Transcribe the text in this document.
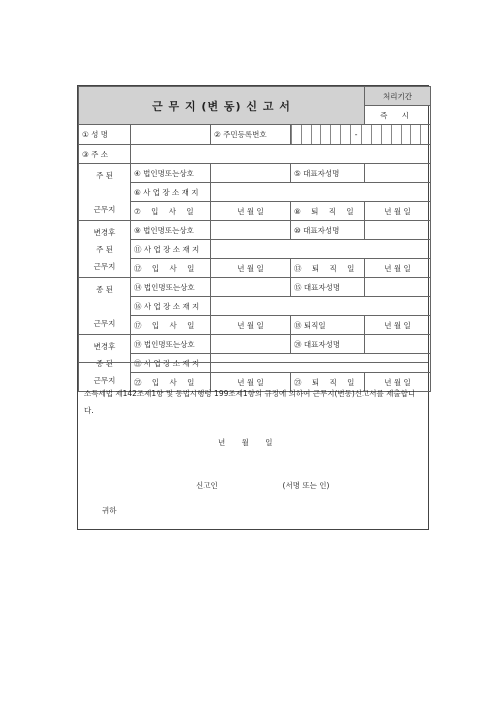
근 무 지 (변 동) 신 고 서				처리기간
				즉 시
① 성 명		② 주민등록번호	-	

③ 주 소				
주 된

근무지	④ 법인명또는상호		⑤ 대표자성명	
	⑥ 사 업 장 소 재 지			
	⑦ 입 사 일	년 월 일	⑧ 퇴 직 일	년 월 일
변경후
주 된
근무지	⑨ 법인명또는상호		⑩ 대표자성명	
	⑪ 사 업 장 소 재 지			
	⑫ 입 사 일	년 월 일	⑬ 퇴 직 일	년 월 일
종 된

근무지	⑭ 법인명또는상호		⑮ 대표자성명	
	⑯ 사 업 장 소 재 지			
	⑰ 입 사 일	년 월 일	⑱ 퇴직일	년 월 일
변경후
종 된
근무지	⑲ 법인명또는상호		⑳ 대표자성명	
	㉑ 사 업 장 소 재 지			
	㉒ 입 사 일	년 월 일	㉓ 퇴 직 일	년 월 일
소득세법 제142조제1항 및 동법시행령 199조제1항의 규정에 의하여 근무지(변동)신고서를 제출합니다.
년 월 일
신고인	(서명 또는 인)
귀하
